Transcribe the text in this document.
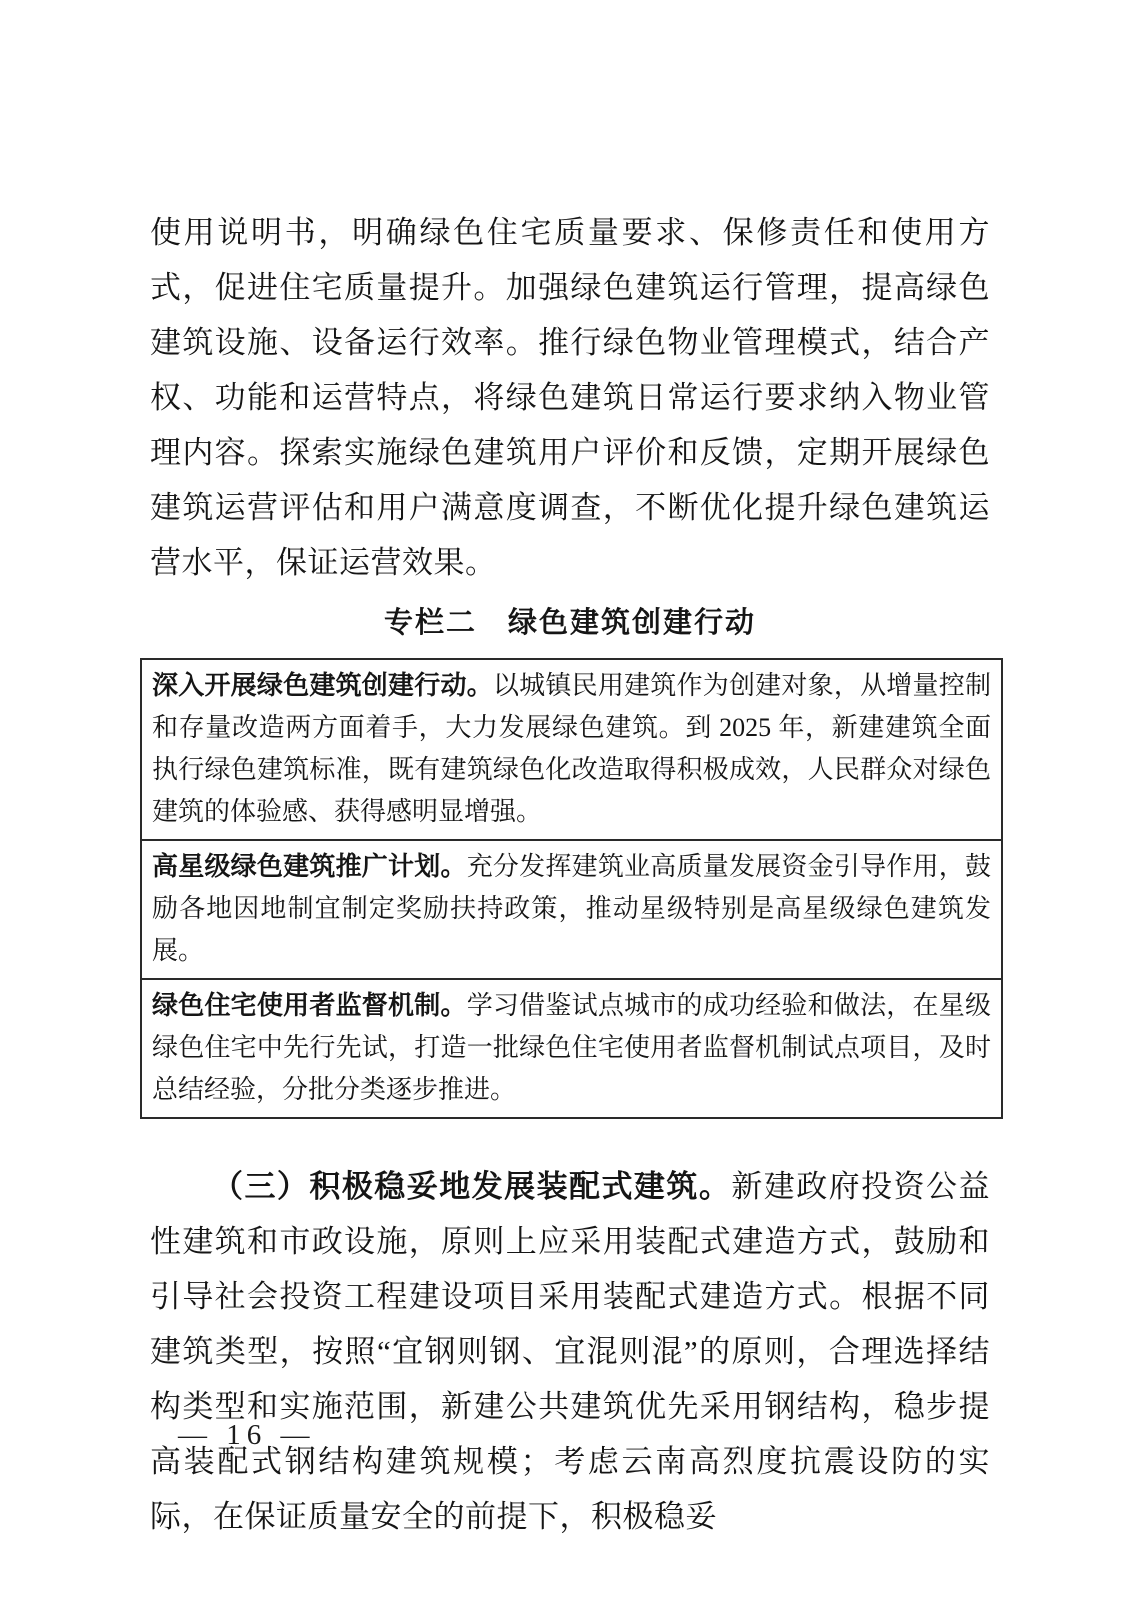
使用说明书，明确绿色住宅质量要求、保修责任和使用方式，促进住宅质量提升。加强绿色建筑运行管理，提高绿色建筑设施、设备运行效率。推行绿色物业管理模式，结合产权、功能和运营特点，将绿色建筑日常运行要求纳入物业管理内容。探索实施绿色建筑用户评价和反馈，定期开展绿色建筑运营评估和用户满意度调查，不断优化提升绿色建筑运营水平，保证运营效果。

专栏二　绿色建筑创建行动
深入开展绿色建筑创建行动。以城镇民用建筑作为创建对象，从增量控制和存量改造两方面着手，大力发展绿色建筑。到 2025 年，新建建筑全面执行绿色建筑标准，既有建筑绿色化改造取得积极成效，人民群众对绿色建筑的体验感、获得感明显增强。
高星级绿色建筑推广计划。充分发挥建筑业高质量发展资金引导作用，鼓励各地因地制宜制定奖励扶持政策，推动星级特别是高星级绿色建筑发展。
绿色住宅使用者监督机制。学习借鉴试点城市的成功经验和做法，在星级绿色住宅中先行先试，打造一批绿色住宅使用者监督机制试点项目，及时总结经验，分批分类逐步推进。

（三）积极稳妥地发展装配式建筑。新建政府投资公益性建筑和市政设施，原则上应采用装配式建造方式，鼓励和引导社会投资工程建设项目采用装配式建造方式。根据不同建筑类型，按照“宜钢则钢、宜混则混”的原则，合理选择结构类型和实施范围，新建公共建筑优先采用钢结构，稳步提高装配式钢结构建筑规模；考虑云南高烈度抗震设防的实际，在保证质量安全的前提下，积极稳妥

— 16 —
